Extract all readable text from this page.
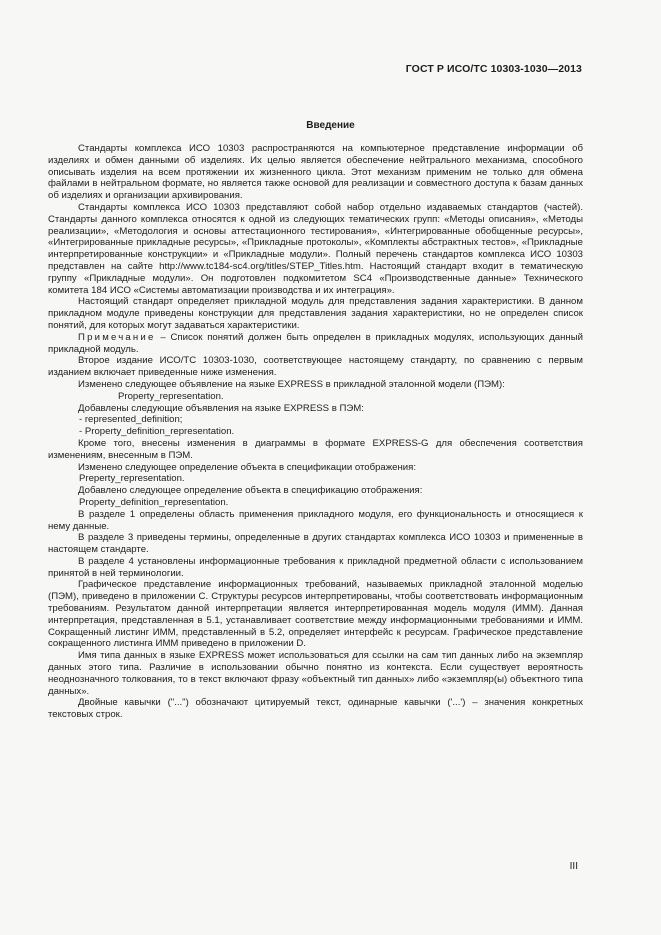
ГОСТ Р ИСО/ТС 10303-1030—2013
Введение

Стандарты комплекса ИСО 10303 распространяются на компьютерное представление информации об изделиях и обмен данными об изделиях. Их целью является обеспечение нейтрального механизма, способного описывать изделия на всем протяжении их жизненного цикла. Этот механизм применим не только для обмена файлами в нейтральном формате, но является также основой для реализации и совместного доступа к базам данных об изделиях и организации архивирования.

Стандарты комплекса ИСО 10303 представляют собой набор отдельно издаваемых стандартов (частей). Стандарты данного комплекса относятся к одной из следующих тематических групп: «Методы описания», «Методы реализации», «Методология и основы аттестационного тестирования», «Интегрированные обобщенные ресурсы», «Интегрированные прикладные ресурсы», «Прикладные протоколы», «Комплекты абстрактных тестов», «Прикладные интерпретированные конструкции» и «Прикладные модули». Полный перечень стандартов комплекса ИСО 10303 представлен на сайте http://www.tc184-sc4.org/titles/STEP_Titles.htm. Настоящий стандарт входит в тематическую группу «Прикладные модули». Он подготовлен подкомитетом SC4 «Производственные данные» Технического комитета 184 ИСО «Системы автоматизации производства и их интеграция».

Настоящий стандарт определяет прикладной модуль для представления задания характеристики. В данном прикладном модуле приведены конструкции для представления задания характеристики, но не определен список понятий, для которых могут задаваться характеристики.

Примечание – Список понятий должен быть определен в прикладных модулях, использующих данный прикладной модуль.

Второе издание ИСО/ТС 10303-1030, соответствующее настоящему стандарту, по сравнению с первым изданием включает приведенные ниже изменения.

Изменено следующее объявление на языке EXPRESS в прикладной эталонной модели (ПЭМ):

Property_representation.

Добавлены следующие объявления на языке EXPRESS в ПЭМ:

- represented_definition;

- Property_definition_representation.

Кроме того, внесены изменения в диаграммы в формате EXPRESS-G для обеспечения соответствия изменениям, внесенным в ПЭМ.

Изменено следующее определение объекта в спецификации отображения:

Preperty_representation.

Добавлено следующее определение объекта в спецификацию отображения:

Property_definition_representation.

В разделе 1 определены область применения прикладного модуля, его функциональность и относящиеся к нему данные.

В разделе 3 приведены термины, определенные в других стандартах комплекса ИСО 10303 и примененные в настоящем стандарте.

В разделе 4 установлены информационные требования к прикладной предметной области с использованием принятой в ней терминологии.

Графическое представление информационных требований, называемых прикладной эталонной моделью (ПЭМ), приведено в приложении С. Структуры ресурсов интерпретированы, чтобы соответствовать информационным требованиям. Результатом данной интерпретации является интерпретированная модель модуля (ИММ). Данная интерпретация, представленная в 5.1, устанавливает соответствие между информационными требованиями и ИММ. Сокращенный листинг ИММ, представленный в 5.2, определяет интерфейс к ресурсам. Графическое представление сокращенного листинга ИММ приведено в приложении D.

Имя типа данных в языке EXPRESS может использоваться для ссылки на сам тип данных либо на экземпляр данных этого типа. Различие в использовании обычно понятно из контекста. Если существует вероятность неоднозначного толкования, то в текст включают фразу «объектный тип данных» либо «экземпляр(ы) объектного типа данных».

Двойные кавычки ("...") обозначают цитируемый текст, одинарные кавычки ('...') – значения конкретных текстовых строк.

III
